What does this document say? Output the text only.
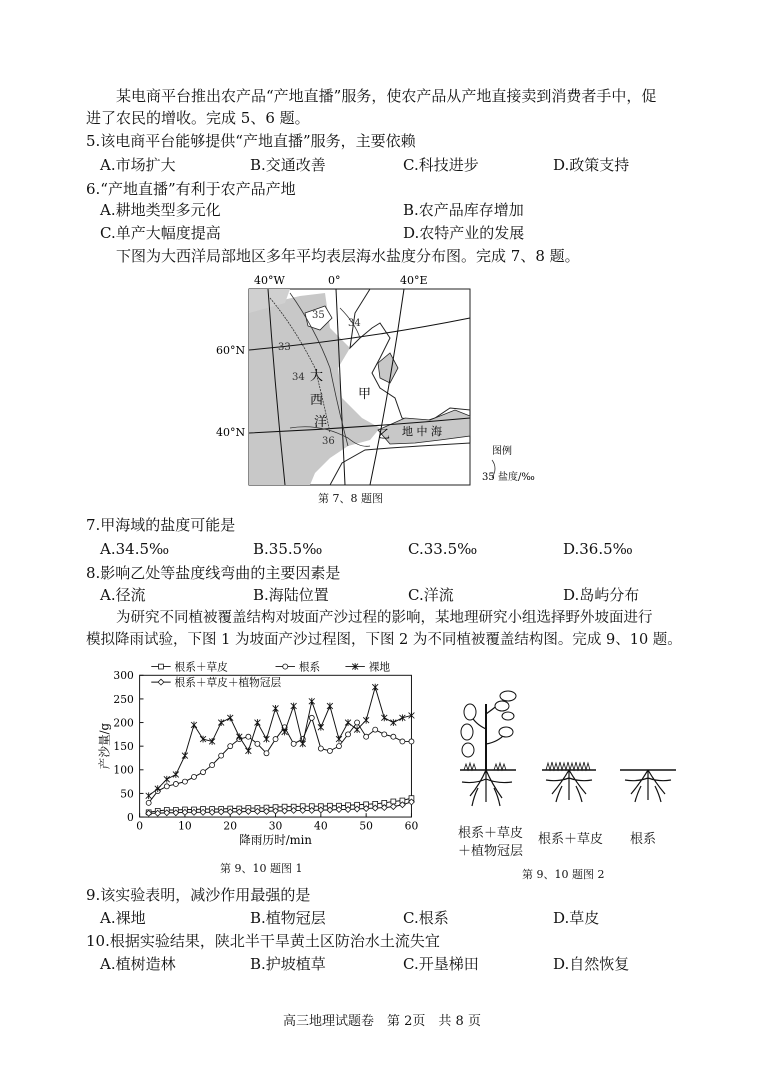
某电商平台推出农产品“产地直播”服务，使农产品从产地直接卖到消费者手中，促
进了农民的增收。完成 5、6 题。
5.该电商平台能够提供“产地直播”服务，主要依赖
A.市场扩大	B.交通改善	C.科技进步	D.政策支持
6.“产地直播”有利于农产品产地
A.耕地类型多元化	B.农产品库存增加
C.单产大幅度提高	D.农特产业的发展
下图为大西洋局部地区多年平均表层海水盐度分布图。完成 7、8 题。
40°W	0°	40°E
60°N
40°N
33
34
35
34
36
大
西
洋
甲
乙 地 中 海
图例
35 盐度/‰
第 7、8 题图
7.甲海域的盐度可能是
A.34.5‰	B.35.5‰	C.33.5‰	D.36.5‰
8.影响乙处等盐度线弯曲的主要因素是
A.径流	B.海陆位置	C.洋流	D.岛屿分布
为研究不同植被覆盖结构对坡面产沙过程的影响，某地理研究小组选择野外坡面进行
模拟降雨试验，下图 1 为坡面产沙过程图，下图 2 为不同植被覆盖结构图。完成 9、10 题。
0
50
100
150
200
250
300
0	10	20	30	40	50	60
降雨历时/min
产沙量/g
根系＋草皮	根系	裸地
根系＋草皮＋植物冠层
第 9、10 题图 1
根系＋草皮
＋植物冠层
根系＋草皮 根系
第 9、10 题图 2
9.该实验表明，减沙作用最强的是
A.裸地	B.植物冠层	C.根系	D.草皮
10.根据实验结果，陕北半干旱黄土区防治水土流失宜
A.植树造林	B.护坡植草	C.开垦梯田	D.自然恢复
高三地理试题卷　第 2页　共 8 页
